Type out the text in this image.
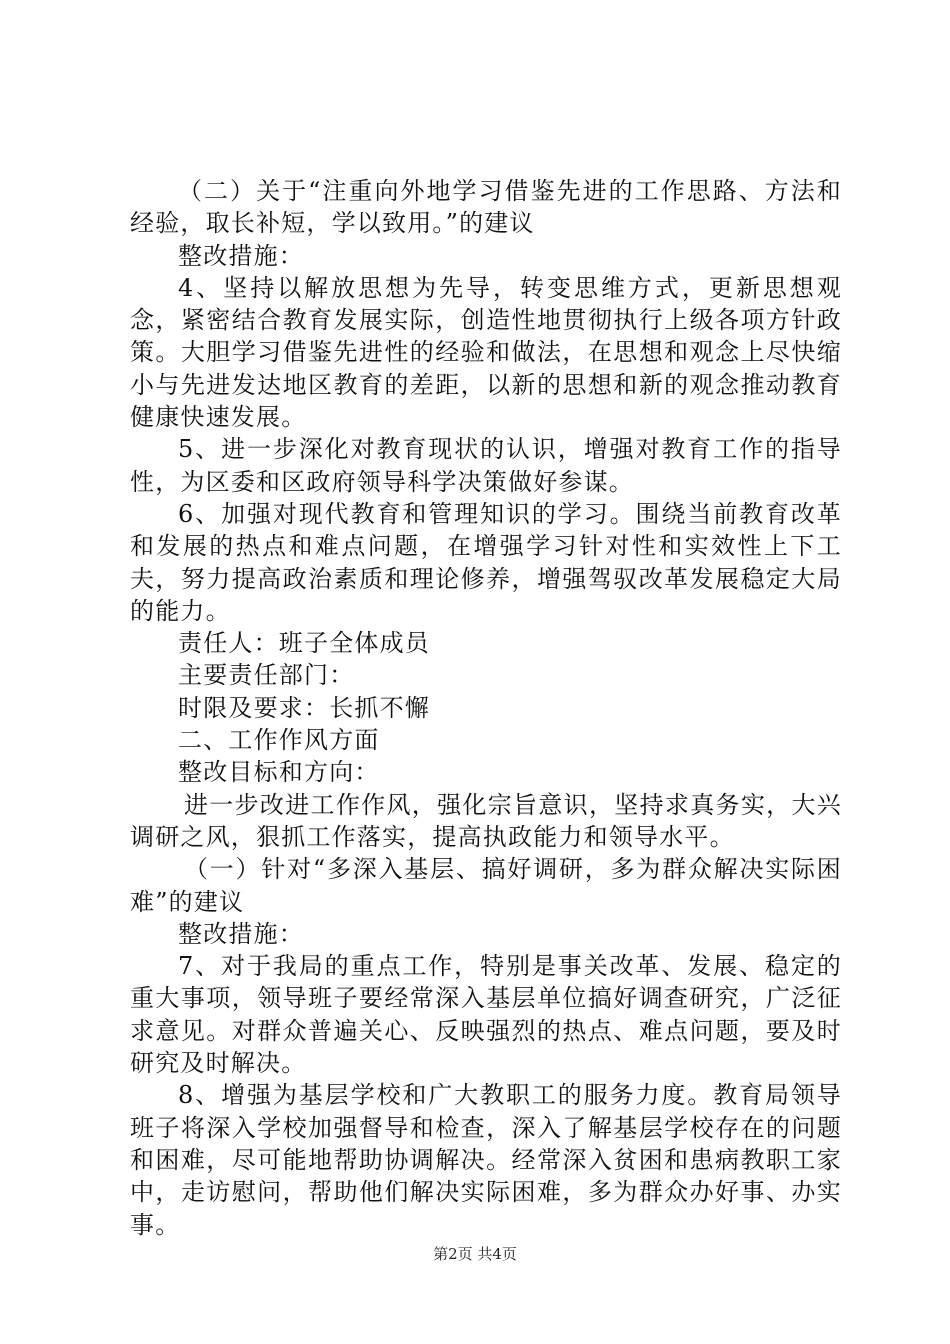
（二）关于“注重向外地学习借鉴先进的工作思路、方法和经验，取长补短，学以致用。”的建议

整改措施：

4、坚持以解放思想为先导，转变思维方式，更新思想观念，紧密结合教育发展实际，创造性地贯彻执行上级各项方针政策。大胆学习借鉴先进性的经验和做法，在思想和观念上尽快缩小与先进发达地区教育的差距，以新的思想和新的观念推动教育健康快速发展。

5、进一步深化对教育现状的认识，增强对教育工作的指导性，为区委和区政府领导科学决策做好参谋。

6、加强对现代教育和管理知识的学习。围绕当前教育改革和发展的热点和难点问题，在增强学习针对性和实效性上下工夫，努力提高政治素质和理论修养，增强驾驭改革发展稳定大局的能力。

责任人：班子全体成员

主要责任部门：

时限及要求：长抓不懈

二、工作作风方面

整改目标和方向：

进一步改进工作作风，强化宗旨意识，坚持求真务实，大兴调研之风，狠抓工作落实，提高执政能力和领导水平。

（一）针对“多深入基层、搞好调研，多为群众解决实际困难”的建议

整改措施：

7、对于我局的重点工作，特别是事关改革、发展、稳定的重大事项，领导班子要经常深入基层单位搞好调查研究，广泛征求意见。对群众普遍关心、反映强烈的热点、难点问题，要及时研究及时解决。

8、增强为基层学校和广大教职工的服务力度。教育局领导班子将深入学校加强督导和检查，深入了解基层学校存在的问题和困难，尽可能地帮助协调解决。经常深入贫困和患病教职工家中，走访慰问，帮助他们解决实际困难，多为群众办好事、办实事。

第2页 共4页
